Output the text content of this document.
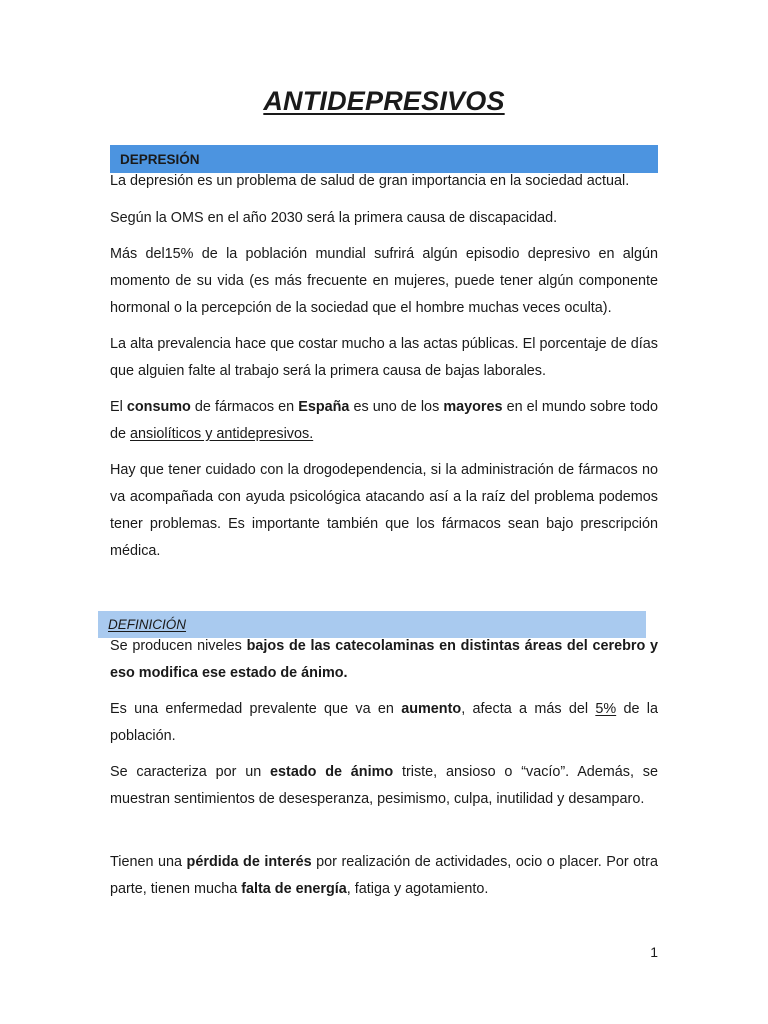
ANTIDEPRESIVOS
DEPRESIÓN

La depresión es un problema de salud de gran importancia en la sociedad actual.

Según la OMS en el año 2030 será la primera causa de discapacidad.

Más del15% de la población mundial sufrirá algún episodio depresivo en algún momento de su vida (es más frecuente en mujeres, puede tener algún componente hormonal o la percepción de la sociedad que el hombre muchas veces oculta).

La alta prevalencia hace que costar mucho a las actas públicas. El porcentaje de días que alguien falte al trabajo será la primera causa de bajas laborales.

El consumo de fármacos en España es uno de los mayores en el mundo sobre todo de ansiolíticos y antidepresivos.

Hay que tener cuidado con la drogodependencia, si la administración de fármacos no va acompañada con ayuda psicológica atacando así a la raíz del problema podemos tener problemas. Es importante también que los fármacos sean bajo prescripción médica.

DEFINICIÓN

Se producen niveles bajos de las catecolaminas en distintas áreas del cerebro y eso modifica ese estado de ánimo.

Es una enfermedad prevalente que va en aumento, afecta a más del 5% de la población.

Se caracteriza por un estado de ánimo triste, ansioso o “vacío”. Además, se muestran sentimientos de desesperanza, pesimismo, culpa, inutilidad y desamparo.

Tienen una pérdida de interés por realización de actividades, ocio o placer. Por otra parte, tienen mucha falta de energía, fatiga y agotamiento.

1
